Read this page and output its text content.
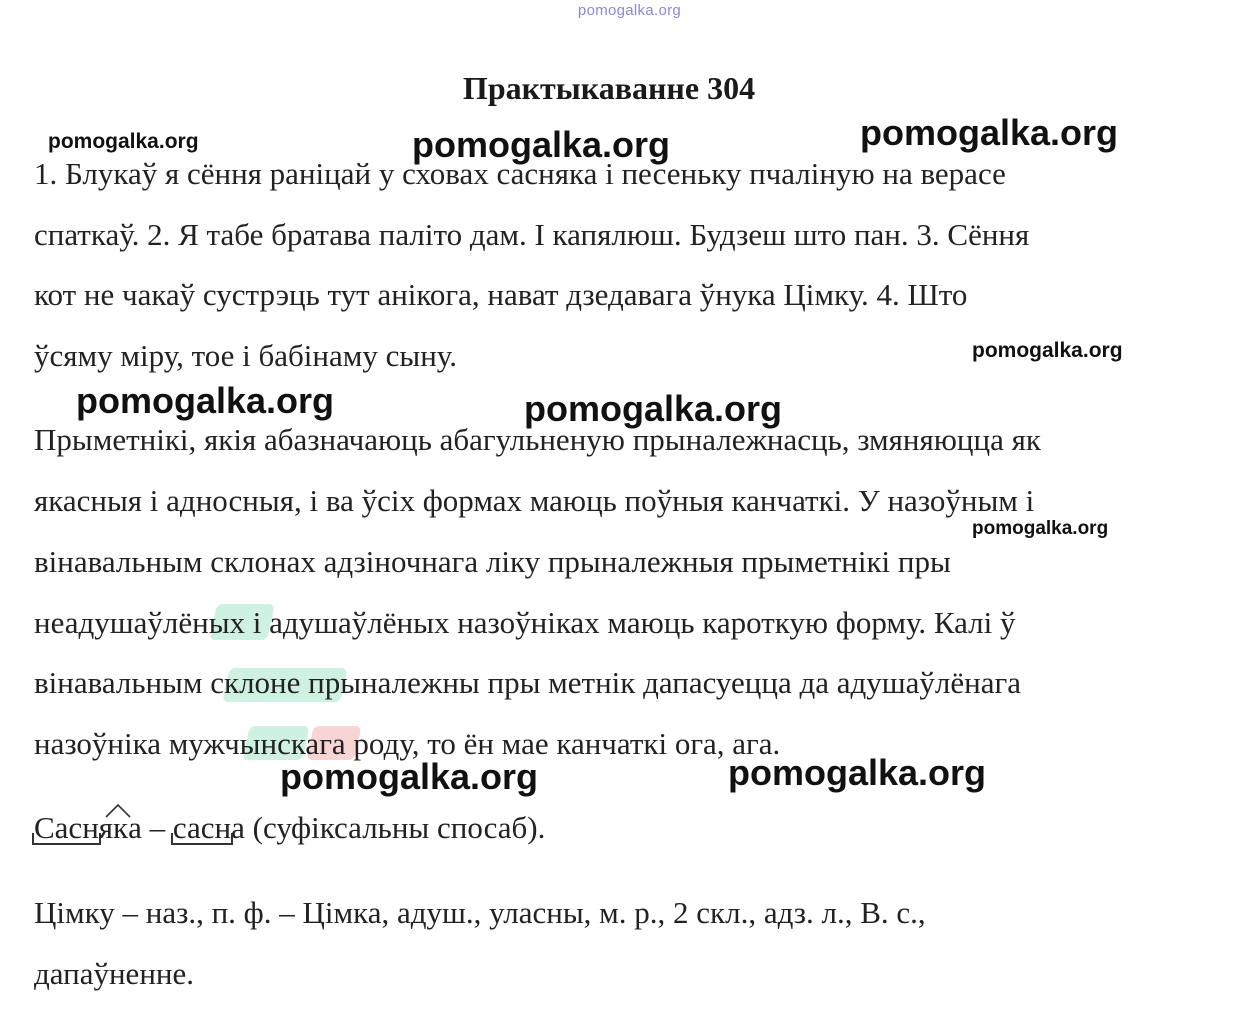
pomogalka.org
Практыкаванне 304
1. Блукаў я сёння раніцай у сховах сасняка і песеньку пчаліную на верасе
спаткаў. 2. Я табе братава паліто дам. І капялюш. Будзеш што пан. 3. Сёння
кот не чакаў сустрэць тут анікога, нават дзедавага ўнука Цімку. 4. Што
ўсяму міру, тое і бабінаму сыну.
Прыметнікі, якія абазначаюць абагульненую прыналежнасць, змяняюцца як
якасныя і адносныя, і ва ўсіх формах маюць поўныя канчаткі. У назоўным і
вінавальным склонах адзіночнага ліку прыналежныя прыметнікі пры
неадушаўлёных і адушаўлёных назоўніках маюць кароткую форму. Калі ў
вінавальным склоне прыналежны пры метнік дапасуецца да адушаўлёнага
назоўніка мужчынскага роду, то ён мае канчаткі ога, ага.
Сасн
як
а – сасн
а (суфіксальны спосаб).
Цімку – наз., п. ф. – Цімка, адуш., уласны, м. р., 2 скл., адз. л., В. с.,
дапаўненне.
pomogalka.org	pomogalka.org	pomogalka.org
pomogalka.org
pomogalka.org	pomogalka.org
pomogalka.org
pomogalka.org	pomogalka.org
